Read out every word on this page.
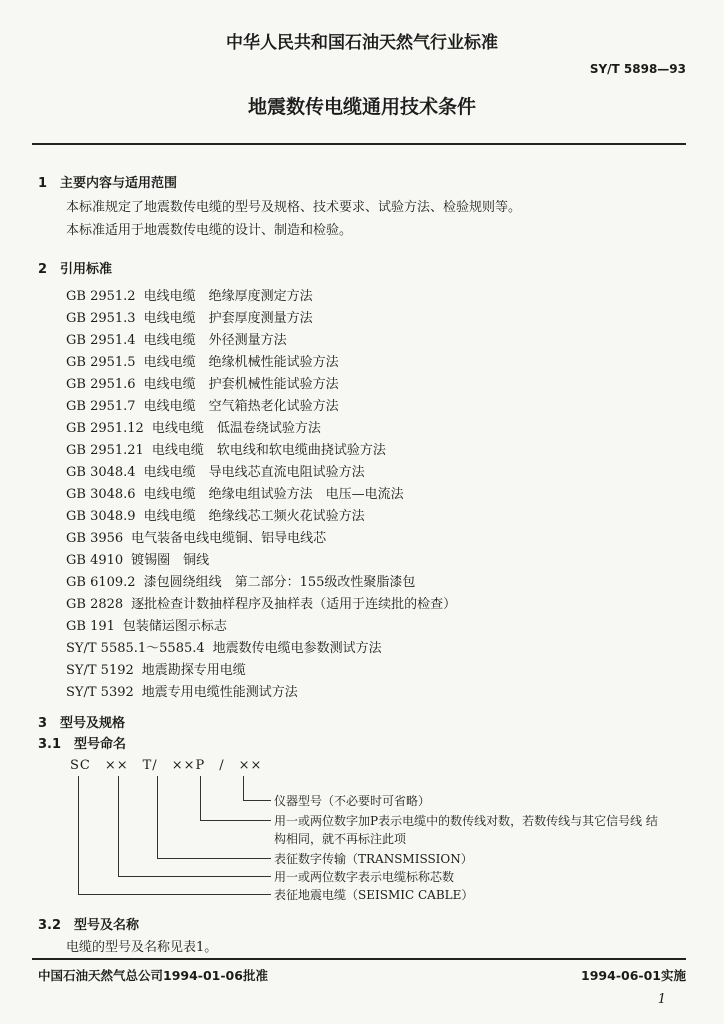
中华人民共和国石油天然气行业标准
SY/T 5898—93
地震数传电缆通用技术条件
1　主要内容与适用范围
本标准规定了地震数传电缆的型号及规格、技术要求、试验方法、检验规则等。
本标准适用于地震数传电缆的设计、制造和检验。
2　引用标准
GB 2951.2 电线电缆　绝缘厚度测定方法
GB 2951.3 电线电缆　护套厚度测量方法
GB 2951.4 电线电缆　外径测量方法
GB 2951.5 电线电缆　绝缘机械性能试验方法
GB 2951.6 电线电缆　护套机械性能试验方法
GB 2951.7 电线电缆　空气箱热老化试验方法
GB 2951.12 电线电缆　低温卷绕试验方法
GB 2951.21 电线电缆　软电线和软电缆曲挠试验方法
GB 3048.4 电线电缆　导电线芯直流电阻试验方法
GB 3048.6 电线电缆　绝缘电组试验方法　电压—电流法
GB 3048.9 电线电缆　绝缘线芯工频火花试验方法
GB 3956 电气装备电线电缆铜、铝导电线芯
GB 4910 镀锡圈　铜线
GB 6109.2 漆包圆绕组线　第二部分：155级改性聚脂漆包
GB 2828 逐批检查计数抽样程序及抽样表（适用于连续批的检查）
GB 191 包装储运图示标志
SY/T 5585.1～5585.4 地震数传电缆电参数测试方法
SY/T 5192 地震勘探专用电缆
SY/T 5392 地震专用电缆性能测试方法
3　型号及规格
3.1　型号命名
SC　××　T/　××P　/　××
仪器型号（不必要时可省略）
用一或两位数字加P表示电缆中的数传线对数，若数传线与其它信号线 结
构相同，就不再标注此项
表征数字传输（TRANSMISSION）
用一或两位数字表示电缆标称芯数
表征地震电缆（SEISMIC CABLE）
3.2　型号及名称
电缆的型号及名称见表1。
中国石油天然气总公司1994-01-06批准	1994-06-01实施
1
